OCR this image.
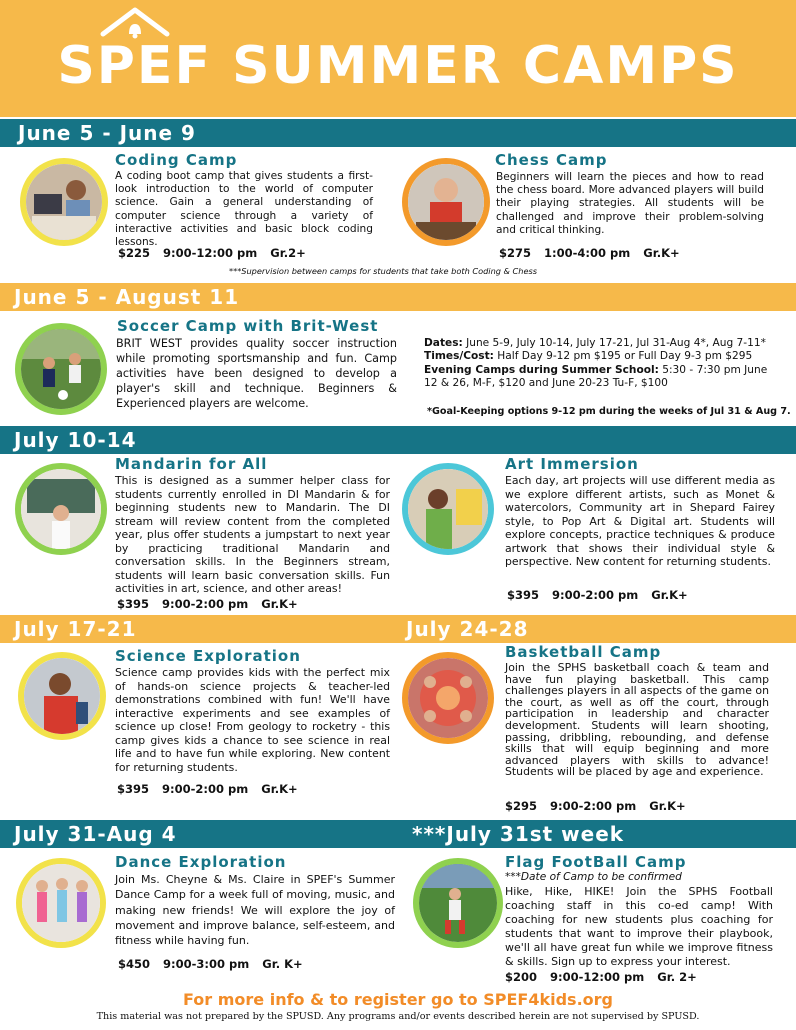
SPEF SUMMER CAMPS
June 5 - June 9
Coding Camp
A coding boot camp that gives students a first-look introduction to the world of computer science. Gain a general understanding of computer science through a variety of interactive activities and basic block coding lessons.
$225 9:00-12:00 pm Gr.2+
Chess Camp
Beginners will learn the pieces and how to read the chess board. More advanced players will build their playing strategies. All students will be challenged and improve their problem-solving and critical thinking.
$275 1:00-4:00 pm Gr.K+
***Supervision between camps for students that take both Coding & Chess
June 5 - August 11
Soccer Camp with Brit-West
BRIT WEST provides quality soccer instruction while promoting sportsmanship and fun. Camp activities have been designed to develop a player's skill and technique. Beginners & Experienced players are welcome.
Dates: June 5-9, July 10-14, July 17-21, Jul 31-Aug 4*, Aug 7-11*
Times/Cost: Half Day 9-12 pm $195 or Full Day 9-3 pm $295
Evening Camps during Summer School: 5:30 - 7:30 pm June 12 & 26, M-F, $120 and June 20-23 Tu-F, $100
*Goal-Keeping options 9-12 pm during the weeks of Jul 31 & Aug 7.
July 10-14
Mandarin for All
This is designed as a summer helper class for students currently enrolled in DI Mandarin & for beginning students new to Mandarin. The DI stream will review content from the completed year, plus offer students a jumpstart to next year by practicing traditional Mandarin and conversation skills. In the Beginners stream, students will learn basic conversation skills. Fun activities in art, science, and other areas!
$395 9:00-2:00 pm Gr.K+
Art Immersion
Each day, art projects will use different media as we explore different artists, such as Monet & watercolors, Community art in Shepard Fairey style, to Pop Art & Digital art. Students will explore concepts, practice techniques & produce artwork that shows their individual style & perspective. New content for returning students.
$395 9:00-2:00 pm Gr.K+
July 17-21	July 24-28
Science Exploration
Science camp provides kids with the perfect mix of hands-on science projects & teacher-led demonstrations combined with fun! We'll have interactive experiments and see examples of science up close! From geology to rocketry - this camp gives kids a chance to see science in real life and to have fun while exploring. New content for returning students.
$395 9:00-2:00 pm Gr.K+
Basketball Camp
Join the SPHS basketball coach & team and have fun playing basketball. This camp challenges players in all aspects of the game on the court, as well as off the court, through participation in leadership and character development. Students will learn shooting, passing, dribbling, rebounding, and defense skills that will equip beginning and more advanced players with skills to advance! Students will be placed by age and experience.
$295 9:00-2:00 pm Gr.K+
July 31-Aug 4	***July 31st week
Dance Exploration
Join Ms. Cheyne & Ms. Claire in SPEF's Summer Dance Camp for a week full of moving, music, and making new friends! We will explore the joy of movement and improve balance, self-esteem, and fitness while having fun.
$450 9:00-3:00 pm Gr. K+
Flag FootBall Camp
***Date of Camp to be confirmed
Hike, Hike, HIKE! Join the SPHS Football coaching staff in this co-ed camp! With coaching for new students plus coaching for students that want to improve their playbook, we'll all have great fun while we improve fitness & skills. Sign up to express your interest.
$200 9:00-12:00 pm Gr. 2+
For more info & to register go to SPEF4kids.org
This material was not prepared by the SPUSD. Any programs and/or events described herein are not supervised by SPUSD.
